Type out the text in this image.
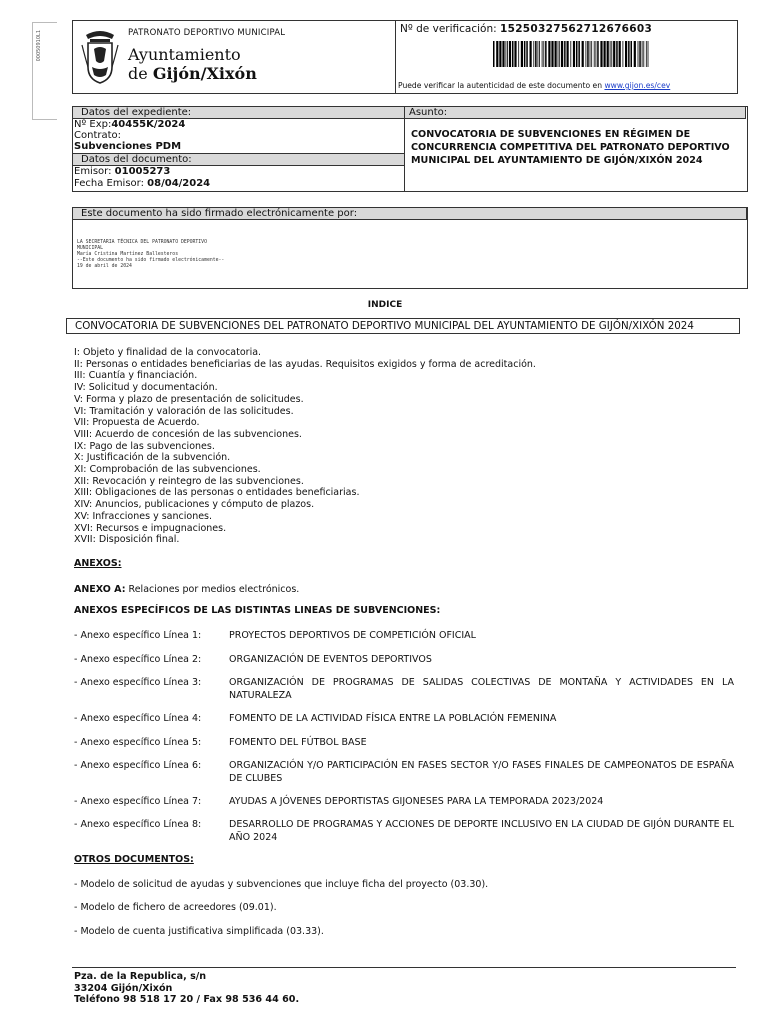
00050910L1	PATRONATO DEPORTIVO MUNICIPAL
Ayuntamiento
de Gijón/Xixón
Nº de verificación: 15250327562712676603
Puede verificar la autenticidad de este documento en www.gijon.es/cev
Datos del expediente:
Nº Exp:40455K/2024
Contrato:
Subvenciones PDM
Datos del documento:
Emisor: 01005273
Fecha Emisor: 08/04/2024
Asunto:
CONVOCATORIA DE SUBVENCIONES EN RÉGIMEN DE CONCURRENCIA COMPETITIVA DEL PATRONATO DEPORTIVO MUNICIPAL DEL AYUNTAMIENTO DE GIJÓN/XIXÓN 2024
Este documento ha sido firmado electrónicamente por:
LA SECRETARIA TÉCNICA DEL PATRONATO DEPORTIVO
MUNICIPAL
María Cristina Martínez Ballesteros
--Este documento ha sido firmado electrónicamente--
19 de abril de 2024
INDICE
CONVOCATORIA DE SUBVENCIONES DEL PATRONATO DEPORTIVO MUNICIPAL DEL AYUNTAMIENTO DE GIJÓN/XIXÓN 2024
I: Objeto y finalidad de la convocatoria.
II: Personas o entidades beneficiarias de las ayudas. Requisitos exigidos y forma de acreditación.
III: Cuantía y financiación.
IV: Solicitud y documentación.
V: Forma y plazo de presentación de solicitudes.
VI: Tramitación y valoración de las solicitudes.
VII: Propuesta de Acuerdo.
VIII: Acuerdo de concesión de las subvenciones.
IX: Pago de las subvenciones.
X: Justificación de la subvención.
XI: Comprobación de las subvenciones.
XII: Revocación y reintegro de las subvenciones.
XIII: Obligaciones de las personas o entidades beneficiarias.
XIV: Anuncios, publicaciones y cómputo de plazos.
XV: Infracciones y sanciones.
XVI: Recursos e impugnaciones.
XVII: Disposición final.
ANEXOS:
ANEXO A: Relaciones por medios electrónicos.
ANEXOS ESPECÍFICOS DE LAS DISTINTAS LINEAS DE SUBVENCIONES:
- Anexo específico Línea 1:	PROYECTOS DEPORTIVOS DE COMPETICIÓN OFICIAL
- Anexo específico Línea 2:	ORGANIZACIÓN DE EVENTOS DEPORTIVOS
- Anexo específico Línea 3:	ORGANIZACIÓN DE PROGRAMAS DE SALIDAS COLECTIVAS DE MONTAÑA Y ACTIVIDADES EN LA NATURALEZA
- Anexo específico Línea 4:	FOMENTO DE LA ACTIVIDAD FÍSICA ENTRE LA POBLACIÓN FEMENINA
- Anexo específico Línea 5:	FOMENTO DEL FÚTBOL BASE
- Anexo específico Línea 6:	ORGANIZACIÓN Y/O PARTICIPACIÓN EN FASES SECTOR Y/O FASES FINALES DE CAMPEONATOS DE ESPAÑA DE CLUBES
- Anexo específico Línea 7:	AYUDAS A JÓVENES DEPORTISTAS GIJONESES PARA LA TEMPORADA 2023/2024
- Anexo específico Línea 8:	DESARROLLO DE PROGRAMAS Y ACCIONES DE DEPORTE INCLUSIVO EN LA CIUDAD DE GIJÓN DURANTE EL AÑO 2024
OTROS DOCUMENTOS:
- Modelo de solicitud de ayudas y subvenciones que incluye ficha del proyecto (03.30).
- Modelo de fichero de acreedores (09.01).
- Modelo de cuenta justificativa simplificada (03.33).
Pza. de la Republica, s/n
33204 Gijón/Xixón
Teléfono 98 518 17 20 / Fax 98 536 44 60.
